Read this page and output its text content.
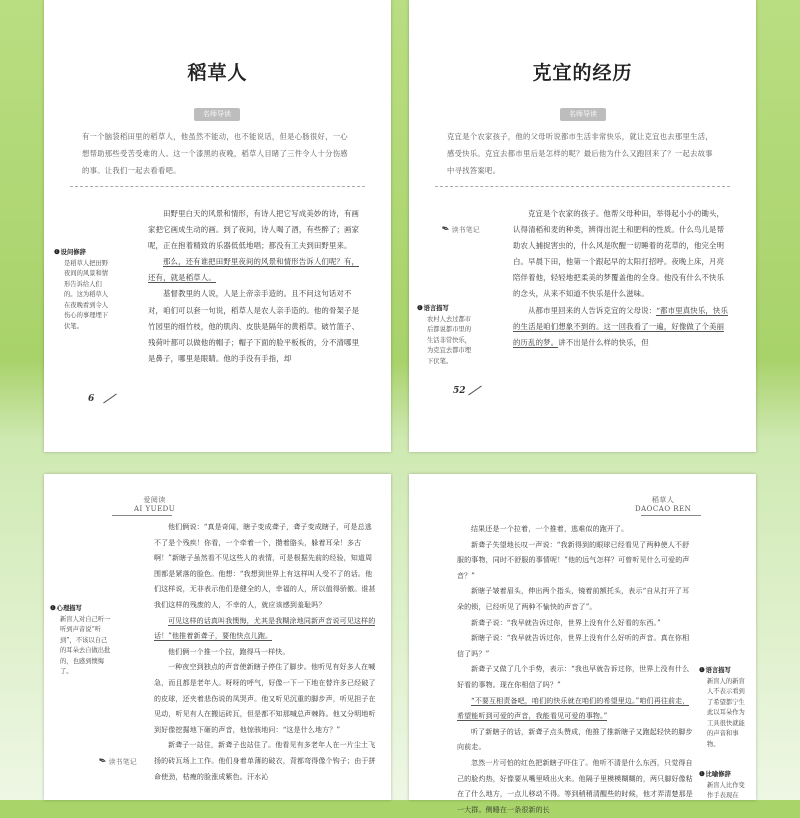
稻草人
名师导读

有一个脑袋稻田里的稻草人，他虽然不能动，也不能说话，但是心肠很好，一心想帮助那些受苦受难的人。这一个漆黑的夜晚，稻草人目睹了三件令人十分伤感的事。让我们一起去看看吧。

❶ 设问修辞
是稻草人把田野夜间的风景和情形告诉给人们的。这为稻草人在夜晚看到令人伤心的事理埋下伏笔。
田野里白天的风景和情形，有诗人把它写成美妙的诗，有画家把它画成生动的画。到了夜间，诗人喝了酒，有些醉了；画家呢，正在抱着精致的乐器低低地唱；都没有工夫到田野里来。
那么，还有谁把田野里夜间的风景和情形告诉人们呢？有，还有，就是稻草人。
基督教里的人说，人是上帝亲手造的。且不问这句话对不对，咱们可以套一句说，稻草人是农人亲手造的。他的骨架子是竹园里的细竹枝，他的肌肉、皮肤是隔年的黄稻草。破竹篮子、残荷叶都可以做他的帽子；帽子下面的脸平板板的，分不清哪里是鼻子，哪里是眼睛。他的手没有手指，却
6
克宜的经历
名师导读

克宜是个农家孩子，他的父母听说都市生活非常快乐，就让克宜也去那里生活，感受快乐。克宜去都市里后是怎样的呢？最后他为什么又跑回来了？一起去故事中寻找答案吧。

✒ 读书笔记
❶ 语言描写
农村人去过都市后都说都市里的生活非常快乐，为克宜去都市埋下伏笔。
克宜是个农家的孩子。他帮父母种田，举得起小小的锄头，认得清稻和麦的种类，辨得出泥土和肥料的性质。什么鸟儿是帮助农人捕捉害虫的，什么风是吹醒一切睡着的花草的，他完全明白。早晨下田，他第一个跟起早的太阳打招呼。夜晚上床，月亮陪伴着他，轻轻地把柔美的梦覆盖他的全身。他没有什么不快乐的念头，从来不知道不快乐是什么滋味。
从都市里回来的人告诉克宜的父母说：“都市里真快乐，快乐的生活是咱们想象不到的。这一回我看了一遍，好像做了个美丽的历乱的梦。讲不出是什么样的快乐，但
52
爱阅读
AI YUEDU
❶ 心理描写
新盲人对自己听一听到声音说“听到”，不该以自己的耳朵去自做出批的，也感到懊悔了。
✒ 读书笔记
他们俩说：“真是奇闻，瞎子变成聋子，聋子变成瞎子，可是总逃不了是个残疾！你看，一个牵着一个，攒着胳头，躲着耳朵！多古啊！”新瞎子虽然看不见这些人的表情，可是根据先前的经验，知道周围都是紧落的脸色。他想：“我想到世界上有这样叫人受不了的话。他们这样说，无非表示他们是健全的人，幸福的人，所以值得骄傲。谁甚我们这样的残废的人，不幸的人，就应该感到羞耻吗？
可见这样的话真叫我懊悔，尤其是我糊涂地同新声音说可见这样的话！”他推着新聋子，要他快点儿跑。
他们俩一个推一个拉，跑得马一样快。
一种夜空到独点的声音使新瞎子停住了脚步。他听见有好多人在喊急，而且都是老年人。呀呀的呼气，好像一下一下地在替许多已经破了的皮球，还夹着悲伤说的凤哭声。他又听见沉重的脚步声，听见担子在见动，听见有人在搬运砖瓦，但是都不知那喊总声棘阵。他又分明地听到好像挖掘地下砸的声音，他惊骇地问：“这是什么地方？”
新聋子一站住，新聋子也站住了。他看见有多老年人在一片尘土飞扬的砖瓦场上工作。他们身着单薄的破衣，背都弯得像个钩子；由于拼命使劲，枯瘦的脸涨成紫色。汗水沁
稻草人
DAOCAO REN
结果还是一个拉着，一个推着，逃难似的跑开了。
新聋子失望地长叹一声说：“我新得到的眼球已经看见了两种使人不舒服的事物，同时不舒服的事情呢！”他的远气怎样？可曾听见什么可爱的声音？”
新瞎子皱着眉头，伸出两个指头，镜着前额托头，表示“自从打开了耳朵的锁，已经听见了两种不愉快的声音了”。
新聋子说：“我早就告诉过你，世界上没有什么好看的东西。”
新瞎子说：“我早就告诉过你，世界上没有什么好听的声音。真在你相信了吗？”
新聋子又做了几个手势，表示：“我也早就告诉过你，世界上没有什么好看的事物。现在你相信了吗？”
“不要互相责备吧，咱们的快乐就在咱们的希望里边。”咱们再往前走，希望能听到可爱的声音，我能看见可爱的事物。”
听了新瞎子的话，新聋子点头赞成，他推了推新瞎子又跑起轻快的脚步向前走。
忽然一片可怕的红色把新瞎子吓住了。他听不清是什么东西，只觉得自己的脸灼热，好像要从嘴里喷出火来。他隔子里模模糊糊的，两只脚好像粘在了什么地方，一点儿移动不得。等到稍稍清醒些的时候，他才弄清楚那是一大群。侧睡在一条很新的长
❶ 语言描写
新盲人的新盲人不表示看到了希望都宁生此以耳朵作为工具很快就能的声音和事物。
❶ 比喻修辞
新盲人比作变作手表现在
